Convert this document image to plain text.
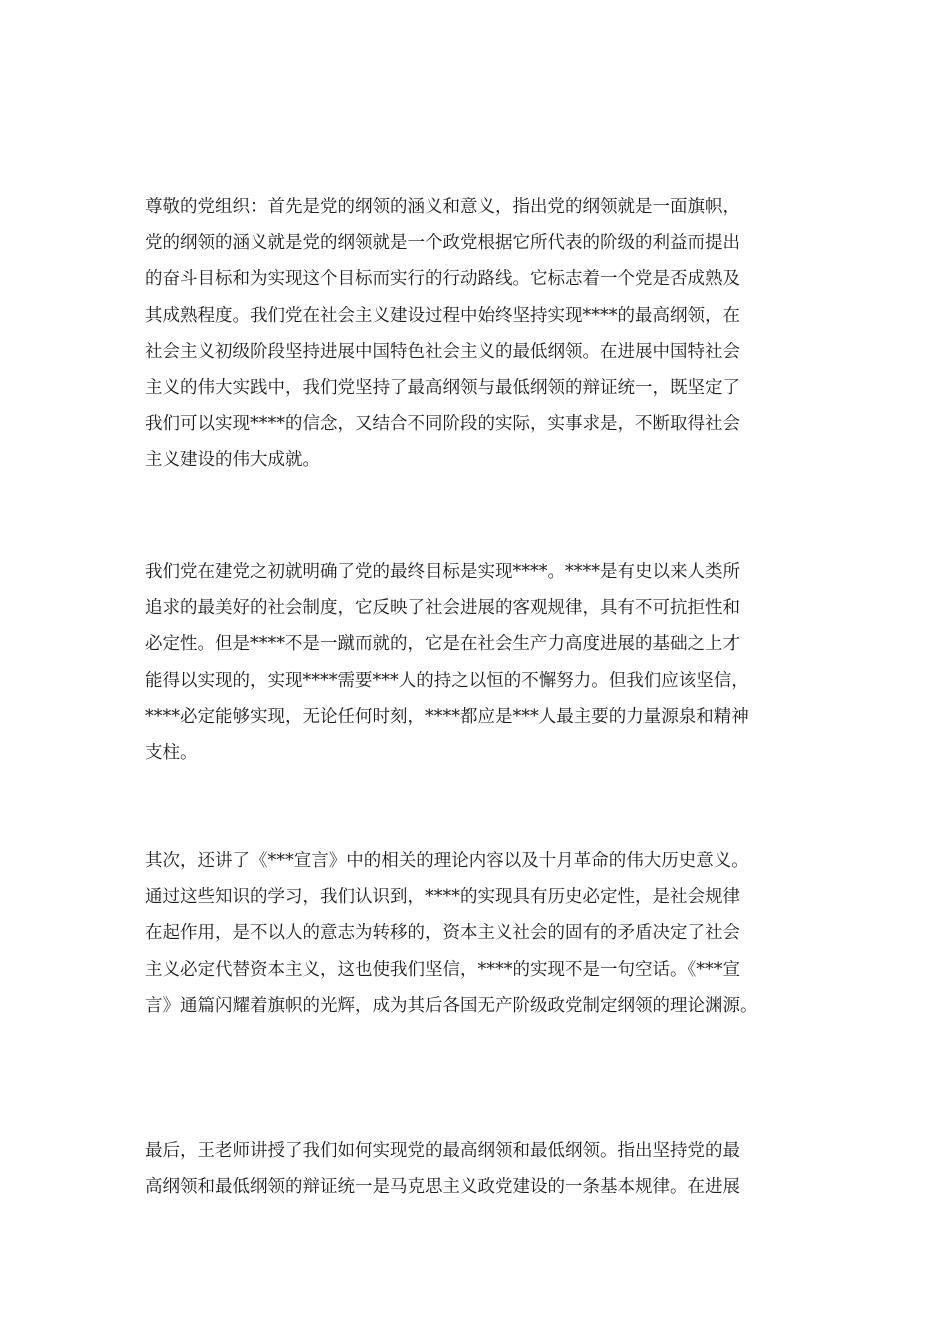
尊敬的党组织：首先是党的纲领的涵义和意义，指出党的纲领就是一面旗帜，
党的纲领的涵义就是党的纲领就是一个政党根据它所代表的阶级的利益而提出
的奋斗目标和为实现这个目标而实行的行动路线。它标志着一个党是否成熟及
其成熟程度。我们党在社会主义建设过程中始终坚持实现****的最高纲领，在
社会主义初级阶段坚持进展中国特色社会主义的最低纲领。在进展中国特社会
主义的伟大实践中，我们党坚持了最高纲领与最低纲领的辩证统一，既坚定了
我们可以实现****的信念，又结合不同阶段的实际，实事求是，不断取得社会
主义建设的伟大成就。
我们党在建党之初就明确了党的最终目标是实现****。****是有史以来人类所
追求的最美好的社会制度，它反映了社会进展的客观规律，具有不可抗拒性和
必定性。但是****不是一蹴而就的，它是在社会生产力高度进展的基础之上才
能得以实现的，实现****需要***人的持之以恒的不懈努力。但我们应该坚信，
****必定能够实现，无论任何时刻，****都应是***人最主要的力量源泉和精神
支柱。
其次，还讲了《***宣言》中的相关的理论内容以及十月革命的伟大历史意义。
通过这些知识的学习，我们认识到，****的实现具有历史必定性，是社会规律
在起作用，是不以人的意志为转移的，资本主义社会的固有的矛盾决定了社会
主义必定代替资本主义，这也使我们坚信，****的实现不是一句空话。《***宣
言》通篇闪耀着旗帜的光辉，成为其后各国无产阶级政党制定纲领的理论渊源。
最后，王老师讲授了我们如何实现党的最高纲领和最低纲领。指出坚持党的最
高纲领和最低纲领的辩证统一是马克思主义政党建设的一条基本规律。在进展
